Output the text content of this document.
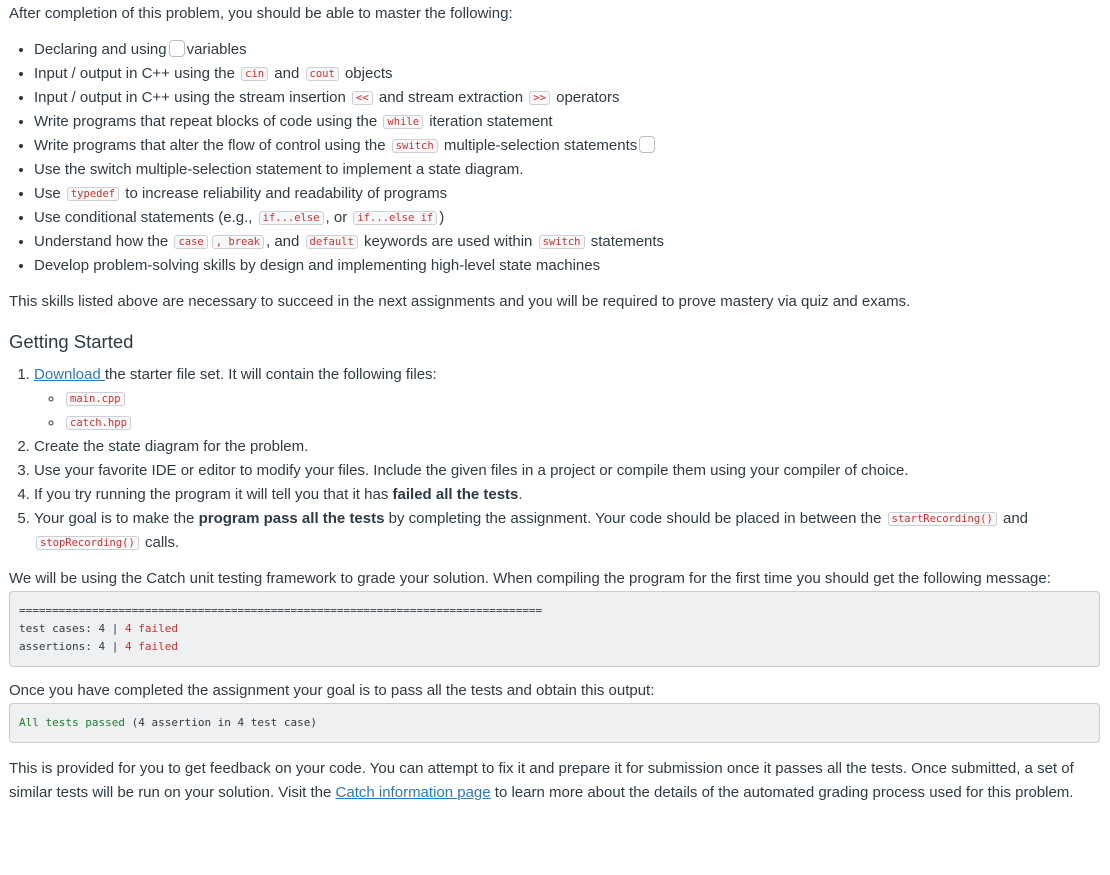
After completion of this problem, you should be able to master the following:

• Declaring and using variables
• Input / output in C++ using the cin and cout objects
• Input / output in C++ using the stream insertion << and stream extraction >> operators
• Write programs that repeat blocks of code using the while iteration statement
• Write programs that alter the flow of control using the switch multiple-selection statements
• Use the switch multiple-selection statement to implement a state diagram.
• Use typedef to increase reliability and readability of programs
• Use conditional statements (e.g., if...else , or if...else if )
• Understand how the case , break , and default keywords are used within switch statements
• Develop problem-solving skills by design and implementing high-level state machines

This skills listed above are necessary to succeed in the next assignments and you will be required to prove mastery via quiz and exams.

Getting Started
1. Download the starter file set. It will contain the following files:
◦ main.cpp
◦ catch.hpp
2. Create the state diagram for the problem.
3. Use your favorite IDE or editor to modify your files. Include the given files in a project or compile them using your compiler of choice.
4. If you try running the program it will tell you that it has failed all the tests.
5. Your goal is to make the program pass all the tests by completing the assignment. Your code should be placed in between the startRecording() and stopRecording() calls.

We will be using the Catch unit testing framework to grade your solution. When compiling the program for the first time you should get the following message:

===============================================================================
test cases: 4 | 4 failed
assertions: 4 | 4 failed

Once you have completed the assignment your goal is to pass all the tests and obtain this output:

All tests passed (4 assertion in 4 test case)

This is provided for you to get feedback on your code. You can attempt to fix it and prepare it for submission once it passes all the tests. Once submitted, a set of similar tests will be run on your solution. Visit the Catch information page to learn more about the details of the automated grading process used for this problem.
